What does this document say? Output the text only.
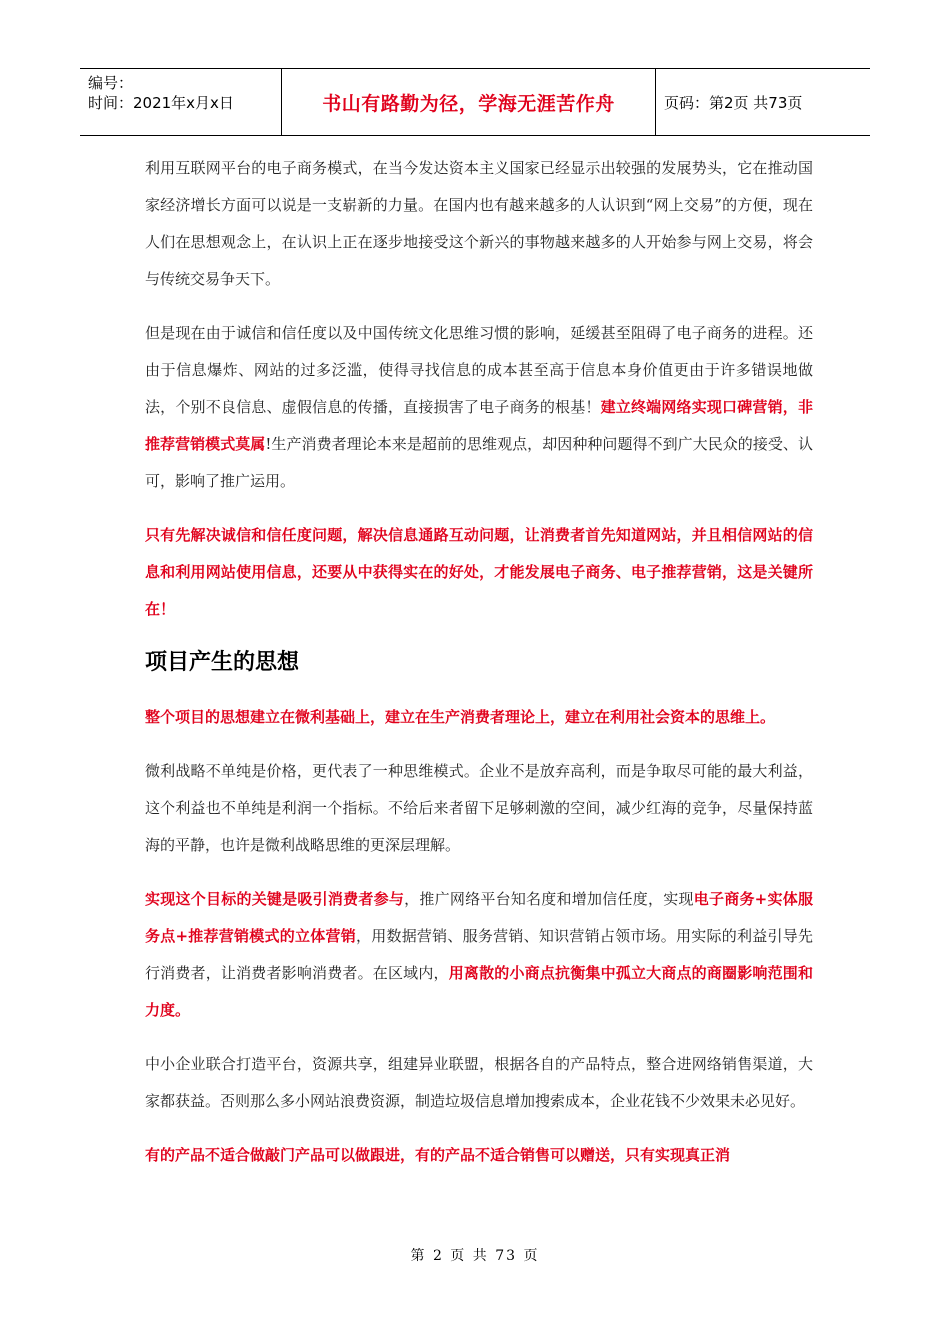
编号：
时间：2021年x月x日	书山有路勤为径，学海无涯苦作舟	页码：第2页 共73页

利用互联网平台的电子商务模式，在当今发达资本主义国家已经显示出较强的发展势头，它在推动国家经济增长方面可以说是一支崭新的力量。在国内也有越来越多的人认识到“网上交易”的方便，现在人们在思想观念上，在认识上正在逐步地接受这个新兴的事物越来越多的人开始参与网上交易，将会与传统交易争天下。

但是现在由于诚信和信任度以及中国传统文化思维习惯的影响，延缓甚至阻碍了电子商务的进程。还由于信息爆炸、网站的过多泛滥，使得寻找信息的成本甚至高于信息本身价值更由于许多错误地做法，个别不良信息、虚假信息的传播，直接损害了电子商务的根基！建立终端网络实现口碑营销，非推荐营销模式莫属!生产消费者理论本来是超前的思维观点，却因种种问题得不到广大民众的接受、认可，影响了推广运用。

只有先解决诚信和信任度问题，解决信息通路互动问题，让消费者首先知道网站，并且相信网站的信息和利用网站使用信息，还要从中获得实在的好处，才能发展电子商务、电子推荐营销，这是关键所在！

项目产生的思想

整个项目的思想建立在微利基础上，建立在生产消费者理论上，建立在利用社会资本的思维上。

微利战略不单纯是价格，更代表了一种思维模式。企业不是放弃高利，而是争取尽可能的最大利益，这个利益也不单纯是利润一个指标。不给后来者留下足够刺激的空间，减少红海的竞争，尽量保持蓝海的平静，也许是微利战略思维的更深层理解。

实现这个目标的关键是吸引消费者参与，推广网络平台知名度和增加信任度，实现电子商务+实体服务点+推荐营销模式的立体营销，用数据营销、服务营销、知识营销占领市场。用实际的利益引导先行消费者，让消费者影响消费者。在区域内，用离散的小商点抗衡集中孤立大商点的商圈影响范围和力度。

中小企业联合打造平台，资源共享，组建异业联盟，根据各自的产品特点，整合进网络销售渠道，大家都获益。否则那么多小网站浪费资源，制造垃圾信息增加搜索成本，企业花钱不少效果未必见好。

有的产品不适合做敲门产品可以做跟进，有的产品不适合销售可以赠送，只有实现真正消

第 2 页 共 73 页
